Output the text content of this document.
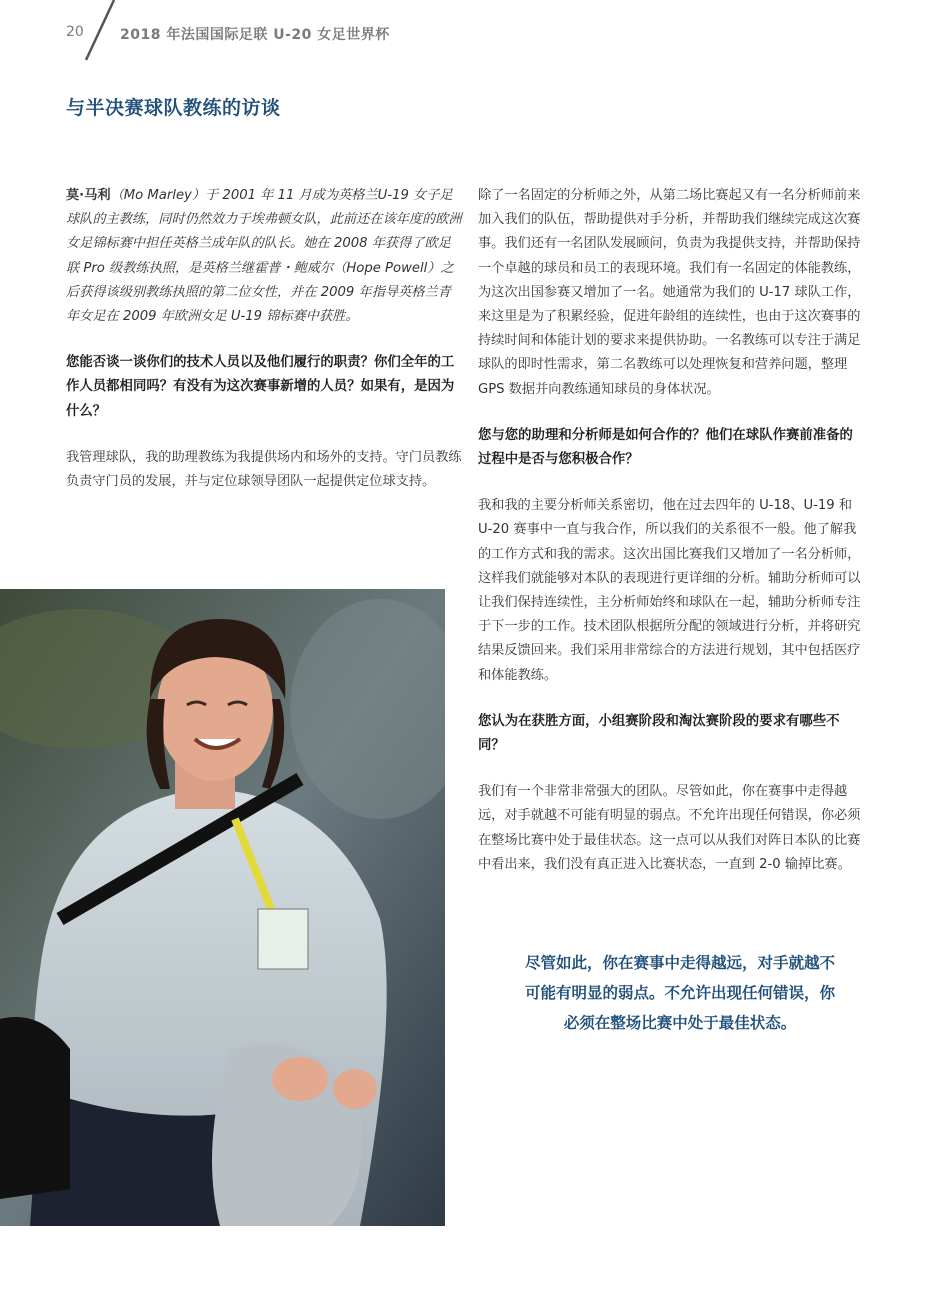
20	2018 年法国国际足联 U-20 女足世界杯
与半决赛球队教练的访谈

莫·马利（Mo Marley）于 2001 年 11 月成为英格兰U-19 女子足球队的主教练，同时仍然效力于埃弗顿女队，此前还在该年度的欧洲女足锦标赛中担任英格兰成年队的队长。她在 2008 年获得了欧足联 Pro 级教练执照，是英格兰继霍普・鲍威尔（Hope Powell）之后获得该级别教练执照的第二位女性，并在 2009 年指导英格兰青年女足在 2009 年欧洲女足 U-19 锦标赛中获胜。

您能否谈一谈你们的技术人员以及他们履行的职责？你们全年的工作人员都相同吗？有没有为这次赛事新增的人员？如果有，是因为什么？

我管理球队，我的助理教练为我提供场内和场外的支持。守门员教练负责守门员的发展，并与定位球领导团队一起提供定位球支持。

除了一名固定的分析师之外，从第二场比赛起又有一名分析师前来加入我们的队伍，帮助提供对手分析，并帮助我们继续完成这次赛事。我们还有一名团队发展顾问，负责为我提供支持，并帮助保持一个卓越的球员和员工的表现环境。我们有一名固定的体能教练，为这次出国参赛又增加了一名。她通常为我们的 U-17 球队工作，来这里是为了积累经验，促进年龄组的连续性，也由于这次赛事的持续时间和体能计划的要求来提供协助。一名教练可以专注于满足球队的即时性需求，第二名教练可以处理恢复和营养问题，整理 GPS 数据并向教练通知球员的身体状况。

您与您的助理和分析师是如何合作的？他们在球队作赛前准备的过程中是否与您积极合作？

我和我的主要分析师关系密切，他在过去四年的 U-18、U-19 和 U-20 赛事中一直与我合作，所以我们的关系很不一般。他了解我的工作方式和我的需求。这次出国比赛我们又增加了一名分析师，这样我们就能够对本队的表现进行更详细的分析。辅助分析师可以让我们保持连续性，主分析师始终和球队在一起，辅助分析师专注于下一步的工作。技术团队根据所分配的领域进行分析，并将研究结果反馈回来。我们采用非常综合的方法进行规划，其中包括医疗和体能教练。

您认为在获胜方面，小组赛阶段和淘汰赛阶段的要求有哪些不同？

我们有一个非常非常强大的团队。尽管如此，你在赛事中走得越远，对手就越不可能有明显的弱点。不允许出现任何错误，你必须在整场比赛中处于最佳状态。这一点可以从我们对阵日本队的比赛中看出来，我们没有真正进入比赛状态，一直到 2-0 输掉比赛。

尽管如此，你在赛事中走得越远，对手就越不可能有明显的弱点。不允许出现任何错误，你必须在整场比赛中处于最佳状态。
